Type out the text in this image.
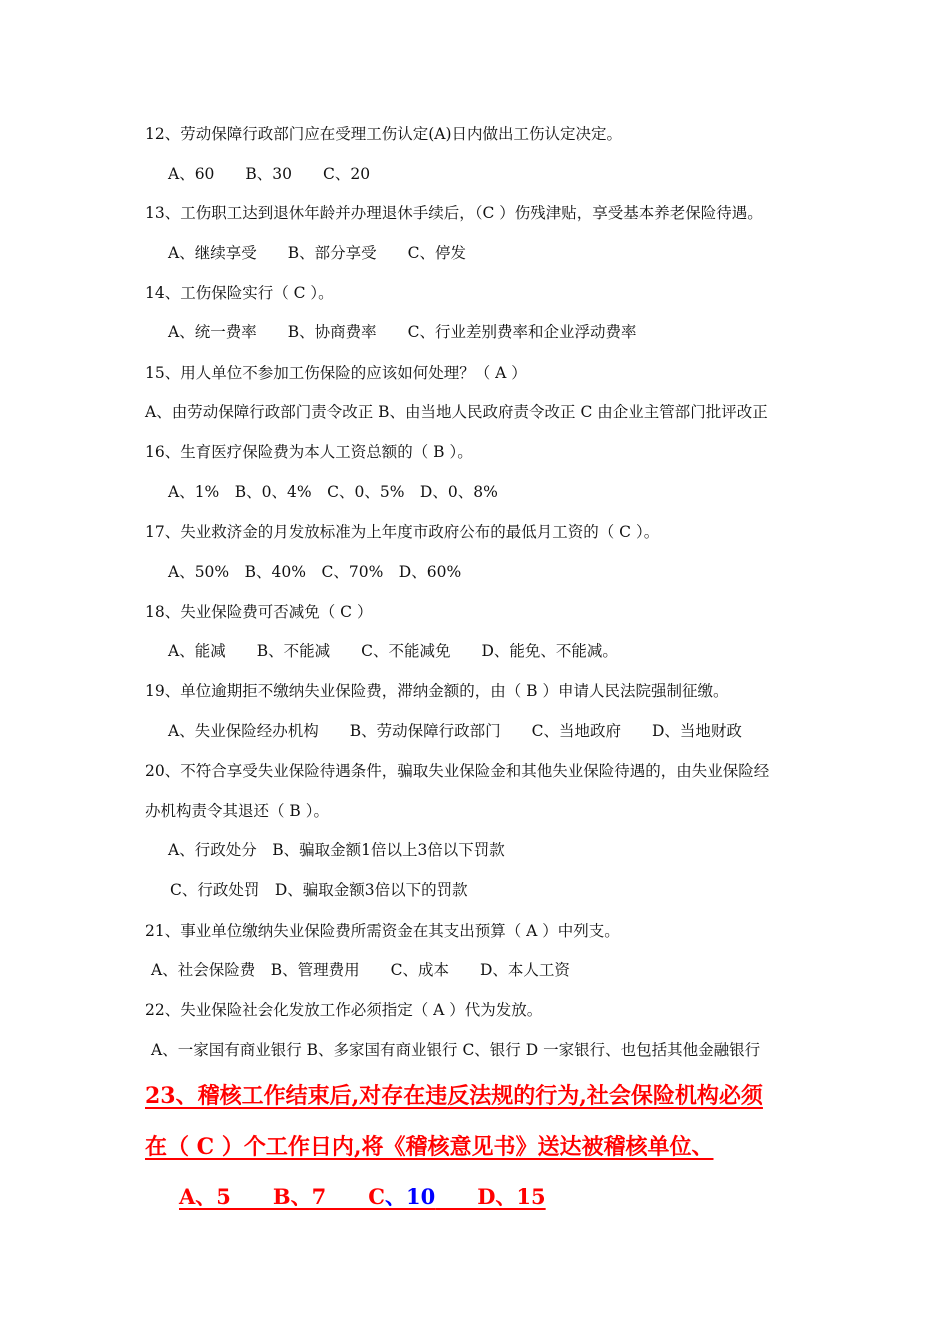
12、劳动保障行政部门应在受理工伤认定(A)日内做出工伤认定决定。
A、60　　B、30　　C、20
13、工伤职工达到退休年龄并办理退休手续后，（C ）伤残津贴，享受基本养老保险待遇。
A、继续享受　　B、部分享受　　C、停发
14、工伤保险实行（ C ）。
A、统一费率　　B、协商费率　　C、行业差别费率和企业浮动费率
15、用人单位不参加工伤保险的应该如何处理？（ A ）
A、由劳动保障行政部门责令改正 B、由当地人民政府责令改正 C 由企业主管部门批评改正
16、生育医疗保险费为本人工资总额的（ B ）。
A、1%　B、0、4%　C、0、5%　D、0、8%
17、失业救济金的月发放标准为上年度市政府公布的最低月工资的（ C ）。
A、50%　B、40%　C、70%　D、60%
18、失业保险费可否减免（ C ）
A、能减　　B、不能减　　C、不能减免　　D、能免、不能减。
19、单位逾期拒不缴纳失业保险费，滞纳金额的，由（ B ）申请人民法院强制征缴。
A、失业保险经办机构　　B、劳动保障行政部门　　C、当地政府　　D、当地财政
20、不符合享受失业保险待遇条件，骗取失业保险金和其他失业保险待遇的，由失业保险经
办机构责令其退还（ B ）。
A、行政处分　B、骗取金额1倍以上3倍以下罚款
C、行政处罚　D、骗取金额3倍以下的罚款
21、事业单位缴纳失业保险费所需资金在其支出预算（ A ）中列支。
A、社会保险费　B、管理费用　　C、成本　　D、本人工资
22、失业保险社会化发放工作必须指定（ A ）代为发放。
A、一家国有商业银行 B、多家国有商业银行 C、银行 D 一家银行、也包括其他金融银行
23、稽核工作结束后,对存在违反法规的行为,社会保险机构必须
在（ C ）个工作日内,将《稽核意见书》送达被稽核单位、
A、5　　B、7　　C、10　　D、15
